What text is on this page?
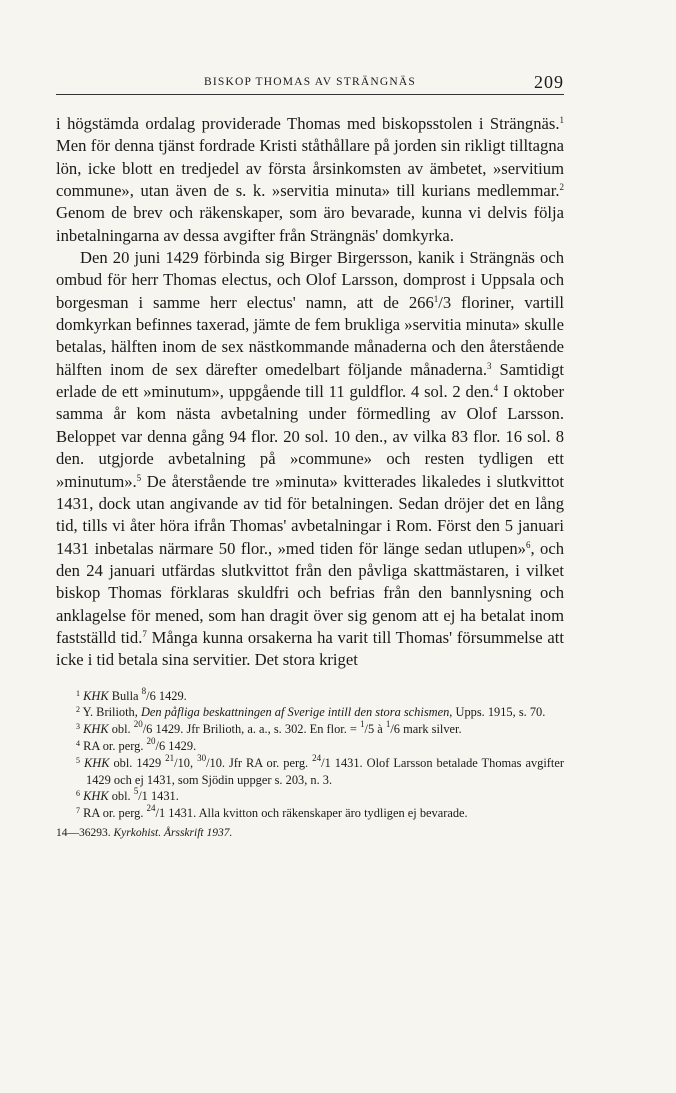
BISKOP THOMAS AV STRÄNGNÄS	209

i högstämda ordalag providerade Thomas med biskopsstolen i Strängnäs.$^1$ Men för denna tjänst fordrade Kristi ståthållare på jorden sin rikligt tilltagna lön, icke blott en tredjedel av första årsinkomsten av ämbetet, »servitium commune», utan även de s. k. »servitia minuta» till kurians medlemmar.$^2$ Genom de brev och räkenskaper, som äro bevarade, kunna vi delvis följa inbetalningarna av dessa avgifter från Strängnäs' domkyrka.

Den 20 juni 1429 förbinda sig Birger Birgersson, kanik i Strängnäs och ombud för herr Thomas electus, och Olof Larsson, domprost i Uppsala och borgesman i samme herr electus' namn, att de $266^1/3$ floriner, vartill domkyrkan befinnes taxerad, jämte de fem brukliga »servitia minuta» skulle betalas, hälften inom de sex nästkommande månaderna och den återstående hälften inom de sex därefter omedelbart följande månaderna.$^3$ Samtidigt erlade de ett »minutum», uppgående till 11 guldflor. 4 sol. 2 den.$^4$ I oktober samma år kom nästa avbetalning under förmedling av Olof Larsson. Beloppet var denna gång 94 flor. 20 sol. 10 den., av vilka 83 flor. 16 sol. 8 den. utgjorde avbetalning på »commune» och resten tydligen ett »minutum».$^5$ De återstående tre »minuta» kvitterades likaledes i slutkvittot 1431, dock utan angivande av tid för betalningen. Sedan dröjer det en lång tid, tills vi åter höra ifrån Thomas' avbetalningar i Rom. Först den 5 januari 1431 inbetalas närmare 50 flor., »med tiden för länge sedan utlupen»$^6$, och den 24 januari utfärdas slutkvittot från den påvliga skattmästaren, i vilket biskop Thomas förklaras skuldfri och befrias från den bannlysning och anklagelse för mened, som han dragit över sig genom att ej ha betalat inom fastställd tid.$^7$ Många kunna orsakerna ha varit till Thomas' försummelse att icke i tid betala sina servitier. Det stora kriget

$^1$ KHK Bulla $^8$/6 1429.

$^2$ Y. Brilioth, Den påfliga beskattningen af Sverige intill den stora schismen, Upps. 1915, s. 70.

$^3$ KHK obl. $^{20}$/6 1429. Jfr Brilioth, a. a., s. 302. En flor. = $^1$/5 à $^1$/6 mark silver.

$^4$ RA or. perg. $^{20}$/6 1429.

$^5$ KHK obl. 1429 $^{21}$/10, $^{30}$/10. Jfr RA or. perg. $^{24}$/1 1431. Olof Larsson betalade Thomas avgifter 1429 och ej 1431, som Sjödin uppger s. 203, n. 3.

$^6$ KHK obl. $^5$/1 1431.

$^7$ RA or. perg. $^{24}$/1 1431. Alla kvitton och räkenskaper äro tydligen ej bevarade.

14—36293. Kyrkohist. Årsskrift 1937.
